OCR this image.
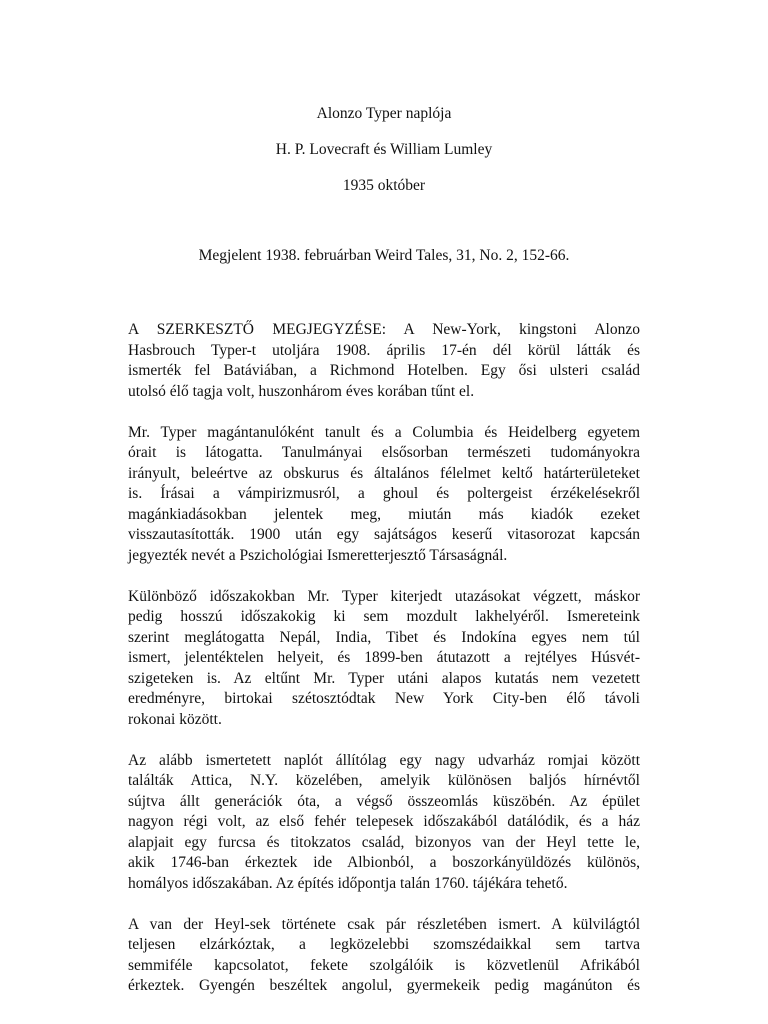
Alonzo Typer naplója
H. P. Lovecraft és William Lumley
1935 október
Megjelent 1938. februárban Weird Tales, 31, No. 2, 152-66.

A SZERKESZTŐ MEGJEGYZÉSE: A New-York, kingstoni Alonzo
Hasbrouch Typer-t utoljára 1908. április 17-én dél körül látták és
ismerték fel Batáviában, a Richmond Hotelben. Egy ősi ulsteri család
utolsó élő tagja volt, huszonhárom éves korában tűnt el.

Mr. Typer magántanulóként tanult és a Columbia és Heidelberg egyetem
órait is látogatta. Tanulmányai elsősorban természeti tudományokra
irányult, beleértve az obskurus és általános félelmet keltő határterületeket
is. Írásai a vámpirizmusról, a ghoul és poltergeist érzékelésekről
magánkiadásokban jelentek meg, miután más kiadók ezeket
visszautasították. 1900 után egy sajátságos keserű vitasorozat kapcsán
jegyezték nevét a Pszichológiai Ismeretterjesztő Társaságnál.

Különböző időszakokban Mr. Typer kiterjedt utazásokat végzett, máskor
pedig hosszú időszakokig ki sem mozdult lakhelyéről. Ismereteink
szerint meglátogatta Nepál, India, Tibet és Indokína egyes nem túl
ismert, jelentéktelen helyeit, és 1899-ben átutazott a rejtélyes Húsvét-
szigeteken is. Az eltűnt Mr. Typer utáni alapos kutatás nem vezetett
eredményre, birtokai szétosztódtak New York City-ben élő távoli
rokonai között.

Az alább ismertetett naplót állítólag egy nagy udvarház romjai között
találták Attica, N.Y. közelében, amelyik különösen baljós hírnévtől
sújtva állt generációk óta, a végső összeomlás küszöbén. Az épület
nagyon régi volt, az első fehér telepesek időszakából datálódik, és a ház
alapjait egy furcsa és titokzatos család, bizonyos van der Heyl tette le,
akik 1746-ban érkeztek ide Albionból, a boszorkányüldözés különös,
homályos időszakában. Az építés időpontja talán 1760. tájékára tehető.

A van der Heyl-sek története csak pár részletében ismert. A külvilágtól
teljesen elzárkóztak, a legközelebbi szomszédaikkal sem tartva
semmiféle kapcsolatot, fekete szolgálóik is közvetlenül Afrikából
érkeztek. Gyengén beszéltek angolul, gyermekeik pedig magánúton és
